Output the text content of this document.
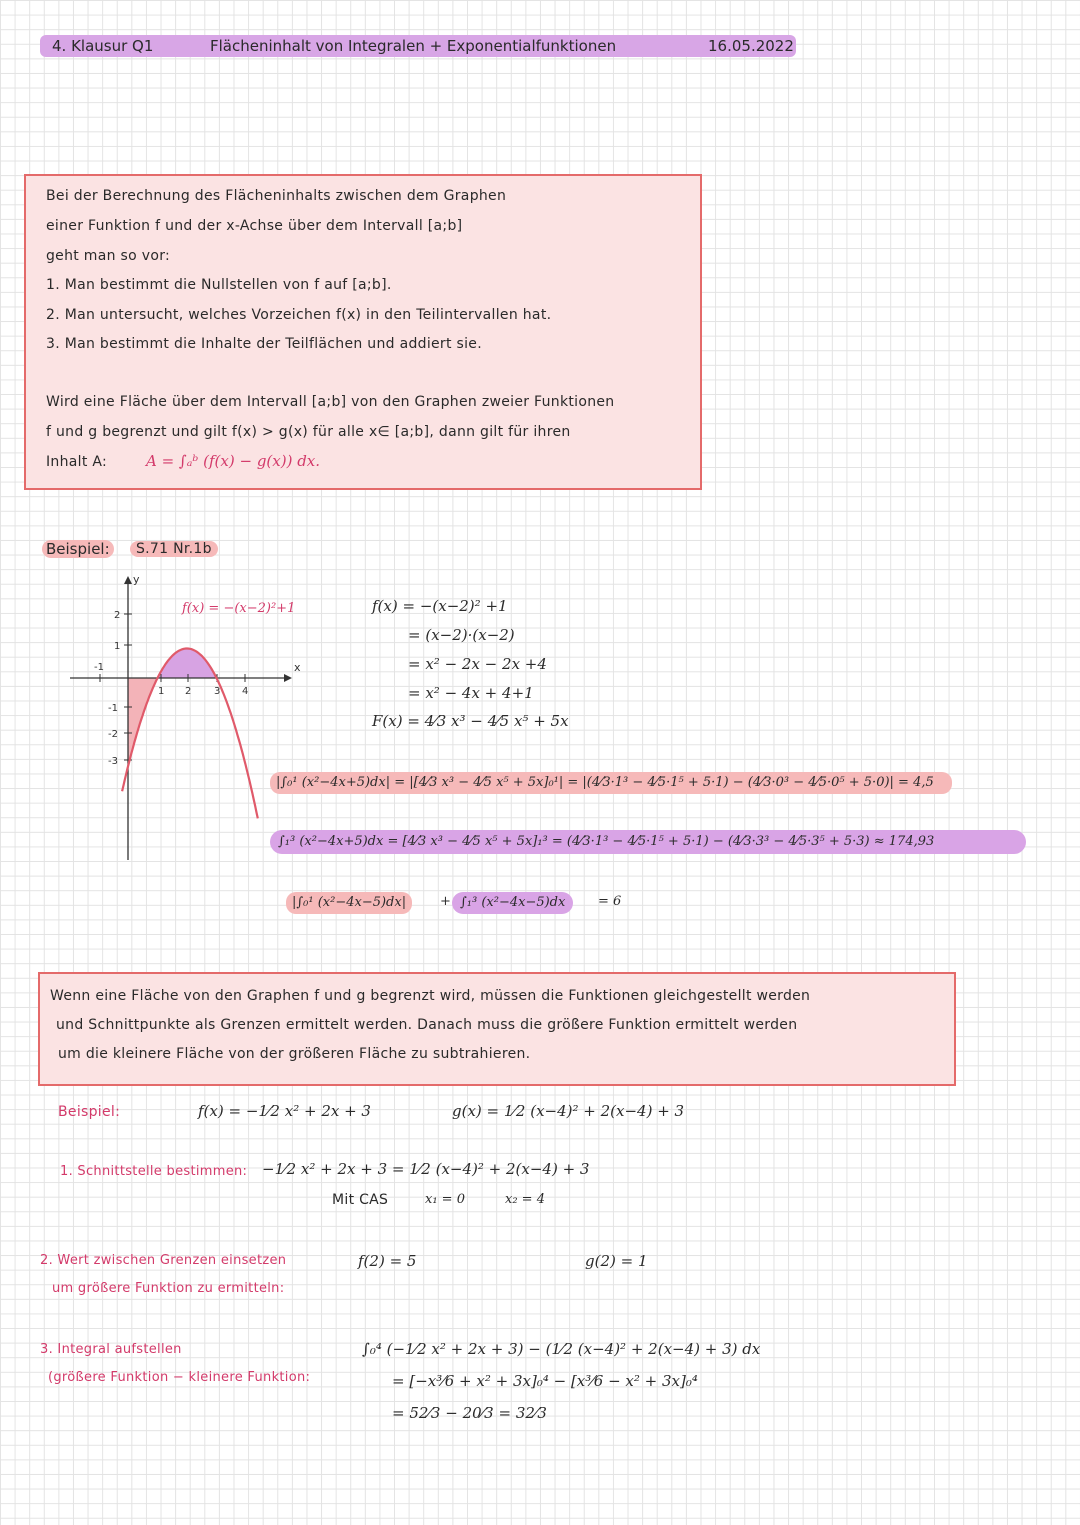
4. Klausur Q1	Flächeninhalt von Integralen + Exponentialfunktionen	16.05.2022
Bei der Berechnung des Flächeninhalts zwischen dem Graphen
einer Funktion f und der x-Achse über dem Intervall [a;b]
geht man so vor:
1. Man bestimmt die Nullstellen von f auf [a;b].
2. Man untersucht, welches Vorzeichen f(x) in den Teilintervallen hat.
3. Man bestimmt die Inhalte der Teilflächen und addiert sie.
Wird eine Fläche über dem Intervall [a;b] von den Graphen zweier Funktionen
f und g begrenzt und gilt f(x) > g(x) für alle x∈ [a;b], dann gilt für ihren
Inhalt A:	A = ∫ₐᵇ (f(x) − g(x)) dx.
Beispiel:	S.71 Nr.1b
-1
1 2 3 4
2
1
-1
-2
-3
x
y
f(x) = −(x−2)²+1	f(x) = −(x−2)² +1
= (x−2)·(x−2)
= x² − 2x − 2x +4
= x² − 4x + 4+1
F(x) = 4⁄3 x³ − 4⁄5 x⁵ + 5x
|∫₀¹ (x²−4x+5)dx| = |[4⁄3 x³ − 4⁄5 x⁵ + 5x]₀¹| = |(4⁄3·1³ − 4⁄5·1⁵ + 5·1) − (4⁄3·0³ − 4⁄5·0⁵ + 5·0)| = 4,5
∫₁³ (x²−4x+5)dx = [4⁄3 x³ − 4⁄5 x⁵ + 5x]₁³ = (4⁄3·1³ − 4⁄5·1⁵ + 5·1) − (4⁄3·3³ − 4⁄5·3⁵ + 5·3) ≈ 174,93
|∫₀¹ (x²−4x−5)dx|	+ ∫₁³ (x²−4x−5)dx	= 6
Wenn eine Fläche von den Graphen f und g begrenzt wird, müssen die Funktionen gleichgestellt werden
und Schnittpunkte als Grenzen ermittelt werden. Danach muss die größere Funktion ermittelt werden
um die kleinere Fläche von der größeren Fläche zu subtrahieren.
Beispiel:	f(x) = −1⁄2 x² + 2x + 3	g(x) = 1⁄2 (x−4)² + 2(x−4) + 3
1. Schnittstelle bestimmen: −1⁄2 x² + 2x + 3 = 1⁄2 (x−4)² + 2(x−4) + 3
Mit CAS	x₁ = 0	x₂ = 4
2. Wert zwischen Grenzen einsetzen
um größere Funktion zu ermitteln:
f(2) = 5	g(2) = 1
3. Integral aufstellen
(größere Funktion − kleinere Funktion:
∫₀⁴ (−1⁄2 x² + 2x + 3) − (1⁄2 (x−4)² + 2(x−4) + 3) dx
= [−x³⁄6 + x² + 3x]₀⁴ − [x³⁄6 − x² + 3x]₀⁴
= 52⁄3 − 20⁄3 = 32⁄3
